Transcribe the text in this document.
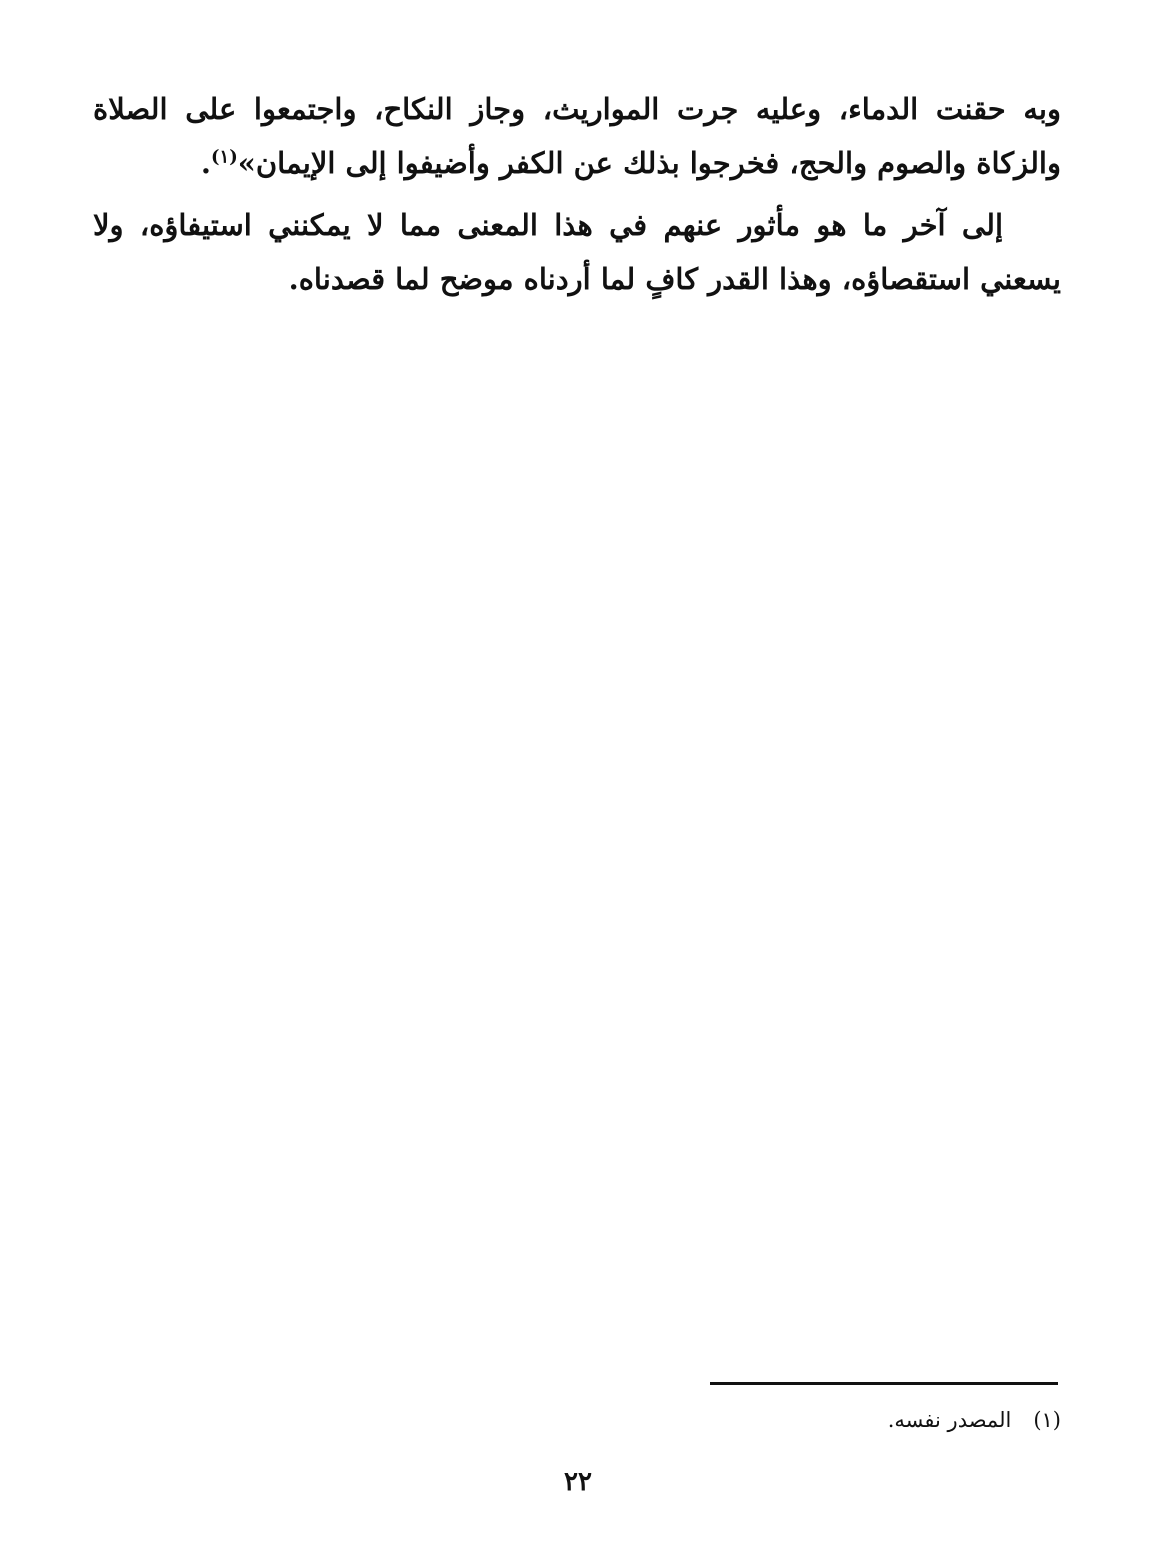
وبه حقنت الدماء، وعليه جرت المواريث، وجاز النكاح، واجتمعوا على الصلاة والزكاة والصوم والحج، فخرجوا بذلك عن الكفر وأضيفوا إلى الإيمان»$^{(١)}$.

إلى آخر ما هو مأثور عنهم في هذا المعنى مما لا يمكنني استيفاؤه، ولا يسعني استقصاؤه، وهذا القدر كافٍ لما أردناه موضح لما قصدناه.

(١)المصدر نفسه.
٢٢
